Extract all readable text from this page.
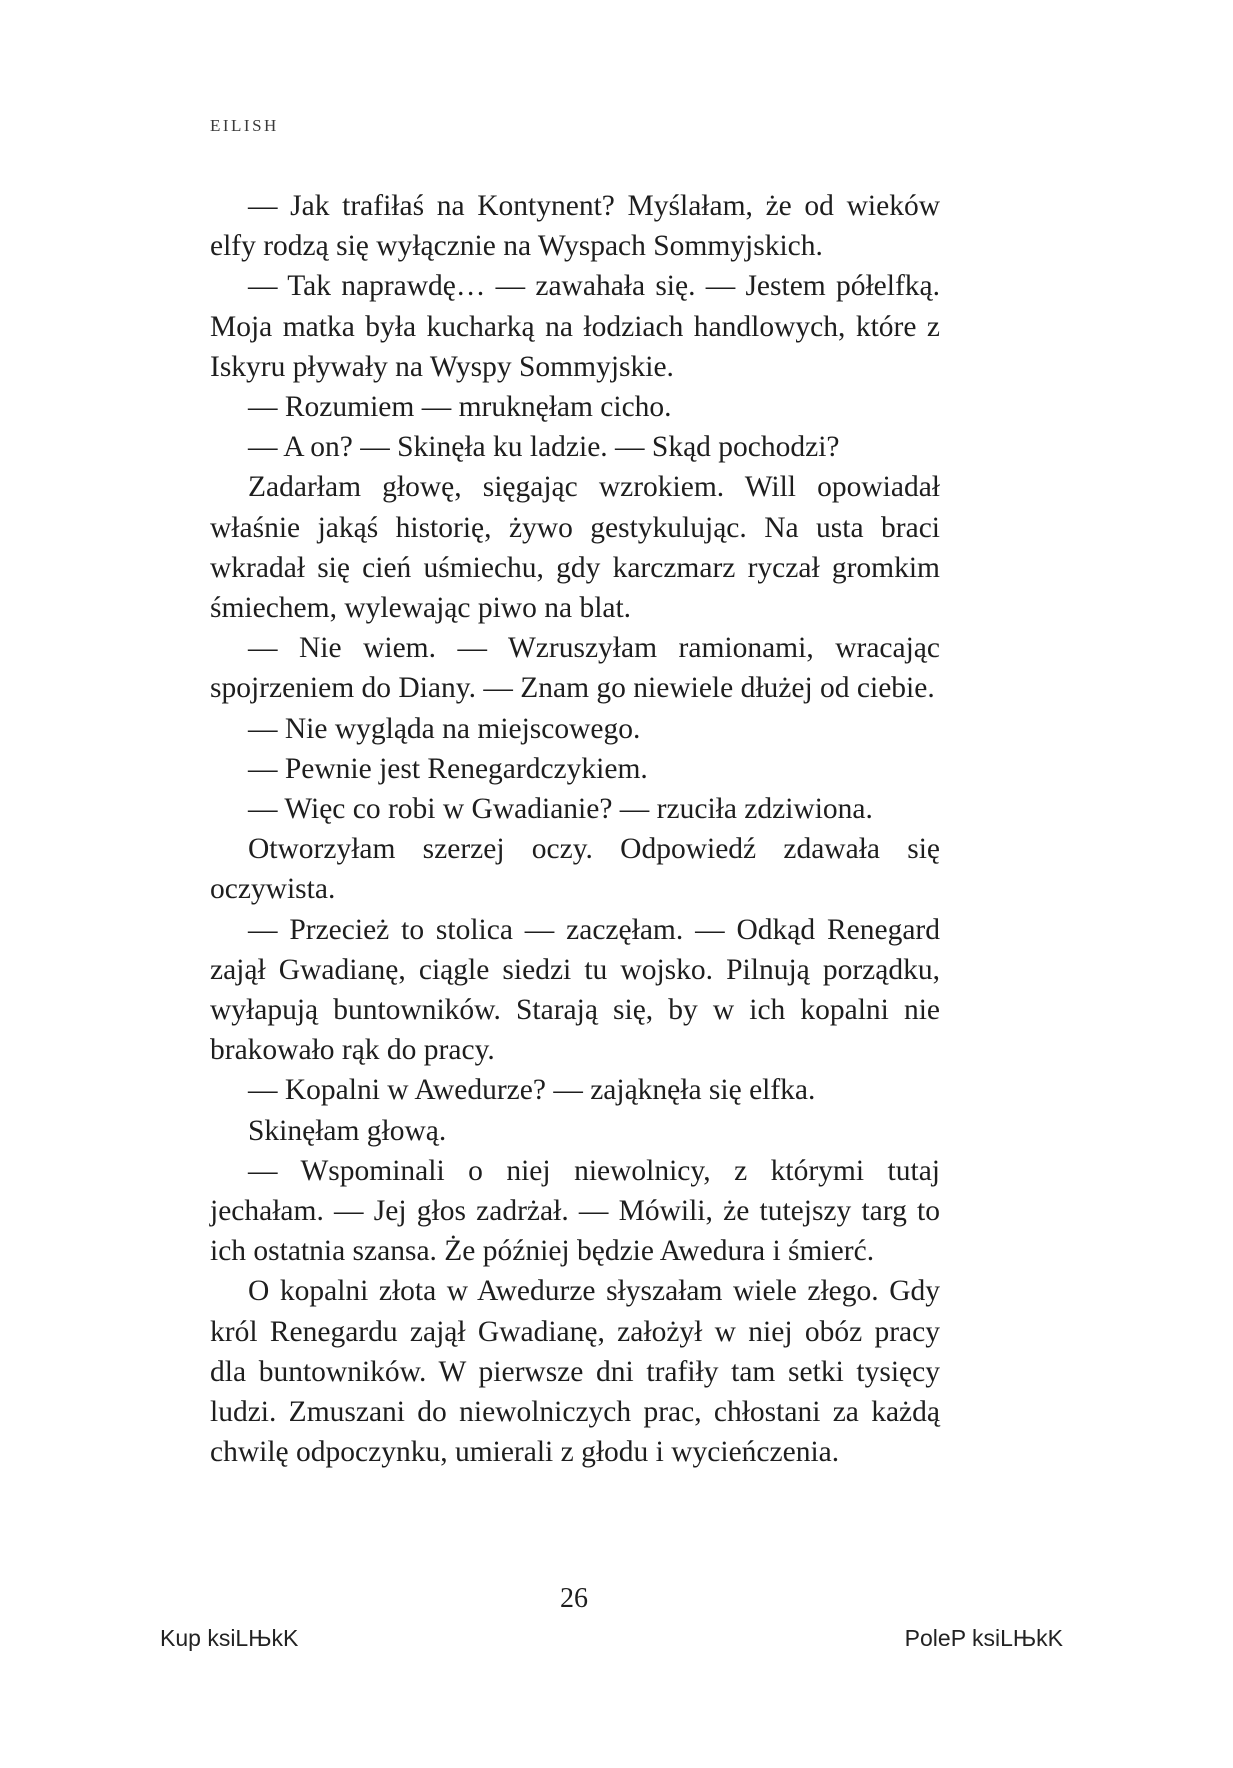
EILISH

— Jak trafiłaś na Kontynent? Myślałam, że od wieków elfy rodzą się wyłącznie na Wyspach Sommyjskich.

— Tak naprawdę… — zawahała się. — Jestem półelfką. Moja matka była kucharką na łodziach handlowych, które z Iskyru pływały na Wyspy Sommyjskie.

— Rozumiem — mruknęłam cicho.

— A on? — Skinęła ku ladzie. — Skąd pochodzi?

Zadarłam głowę, sięgając wzrokiem. Will opowiadał właśnie jakąś historię, żywo gestykulując. Na usta braci wkradał się cień uśmiechu, gdy karczmarz ryczał gromkim śmiechem, wylewając piwo na blat.

— Nie wiem. — Wzruszyłam ramionami, wracając spojrzeniem do Diany. — Znam go niewiele dłużej od ciebie.

— Nie wygląda na miejscowego.

— Pewnie jest Renegardczykiem.

— Więc co robi w Gwadianie? — rzuciła zdziwiona.

Otworzyłam szerzej oczy. Odpowiedź zdawała się oczywista.

— Przecież to stolica — zaczęłam. — Odkąd Renegard zajął Gwadianę, ciągle siedzi tu wojsko. Pilnują porządku, wyłapują buntowników. Starają się, by w ich kopalni nie brakowało rąk do pracy.

— Kopalni w Awedurze? — zająknęła się elfka.

Skinęłam głową.

— Wspominali o niej niewolnicy, z którymi tutaj jechałam. — Jej głos zadrżał. — Mówili, że tutejszy targ to ich ostatnia szansa. Że później będzie Awedura i śmierć.

O kopalni złota w Awedurze słyszałam wiele złego. Gdy król Renegardu zajął Gwadianę, założył w niej obóz pracy dla buntowników. W pierwsze dni trafiły tam setki tysięcy ludzi. Zmuszani do niewolniczych prac, chłostani za każdą chwilę odpoczynku, umierali z głodu i wycieńczenia.

26
Kup ksiLЊkK	PoleP ksiLЊkK
